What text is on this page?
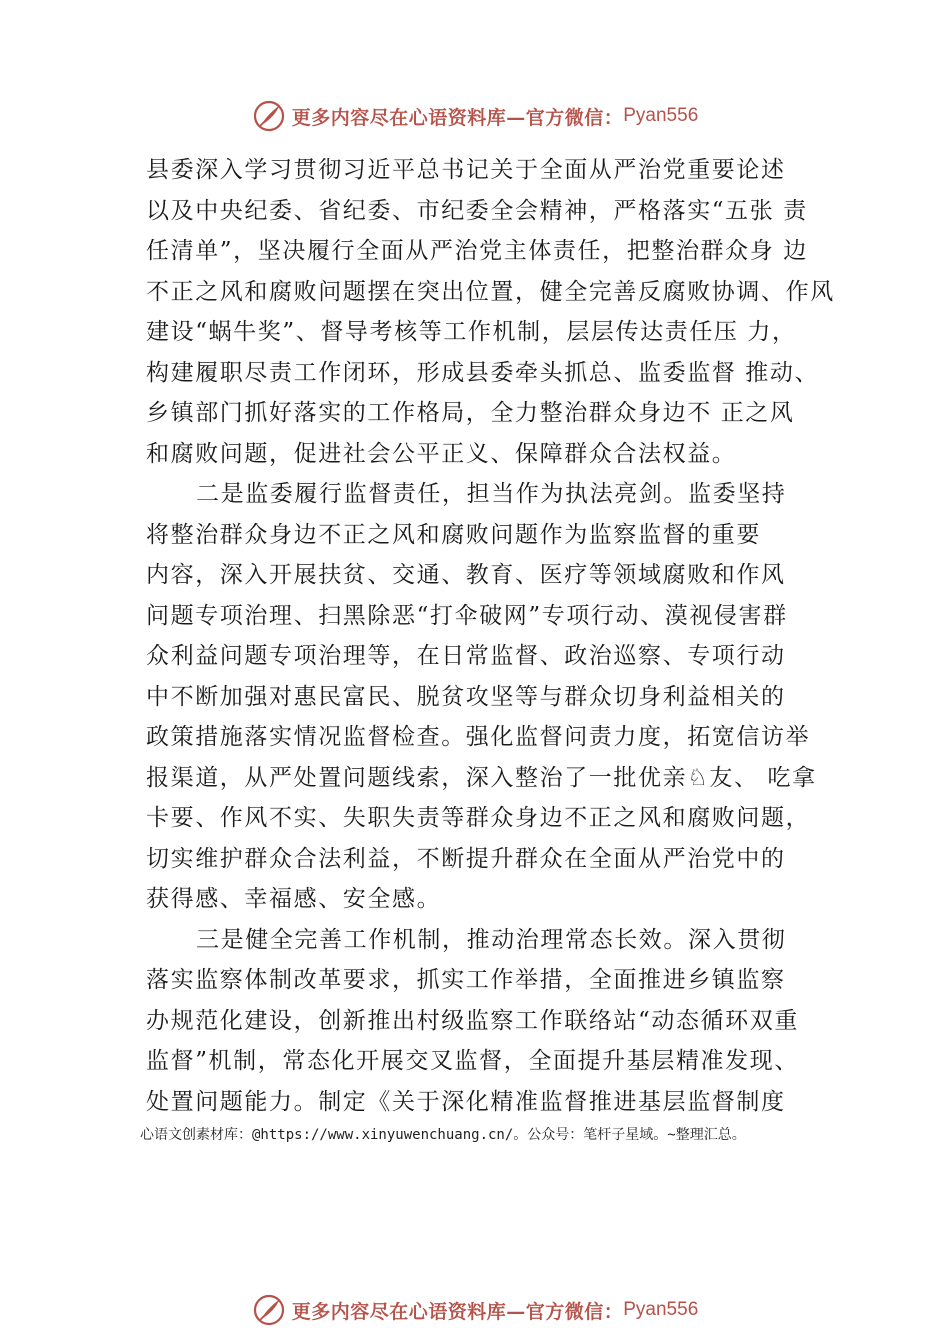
更多内容尽在心语资料库—官方微信： Pyan556
县委深入学习贯彻习近平总书记关于全面从严治党重要论述
以及中央纪委、省纪委、市纪委全会精神，严格落实“五张 责
任清单”，坚决履行全面从严治党主体责任，把整治群众身 边
不正之风和腐败问题摆在突出位置，健全完善反腐败协调、作风
建设“蜗牛奖”、督导考核等工作机制，层层传达责任压 力，
构建履职尽责工作闭环，形成县委牵头抓总、监委监督 推动、
乡镇部门抓好落实的工作格局，全力整治群众身边不 正之风
和腐败问题，促进社会公平正义、保障群众合法权益。
二是监委履行监督责任，担当作为执法亮剑。监委坚持
将整治群众身边不正之风和腐败问题作为监察监督的重要
内容，深入开展扶贫、交通、教育、医疗等领域腐败和作风
问题专项治理、扫黑除恶“打伞破网”专项行动、漠视侵害群
众利益问题专项治理等，在日常监督、政治巡察、专项行动
中不断加强对惠民富民、脱贫攻坚等与群众切身利益相关的
政策措施落实情况监督检查。强化监督问责力度，拓宽信访举
报渠道，从严处置问题线索，深入整治了一批优亲♘友、 吃拿
卡要、作风不实、失职失责等群众身边不正之风和腐败问题，
切实维护群众合法利益，不断提升群众在全面从严治党中的
获得感、幸福感、安全感。
三是健全完善工作机制，推动治理常态长效。深入贯彻
落实监察体制改革要求，抓实工作举措，全面推进乡镇监察
办规范化建设，创新推出村级监察工作联络站“动态循环双重
监督”机制，常态化开展交叉监督，全面提升基层精准发现、
处置问题能力。制定《关于深化精准监督推进基层监督制度
心语文创素材库：@https://www.xinyuwenchuang.cn/。公众号：笔杆子星域。~整理汇总。
更多内容尽在心语资料库—官方微信： Pyan556
